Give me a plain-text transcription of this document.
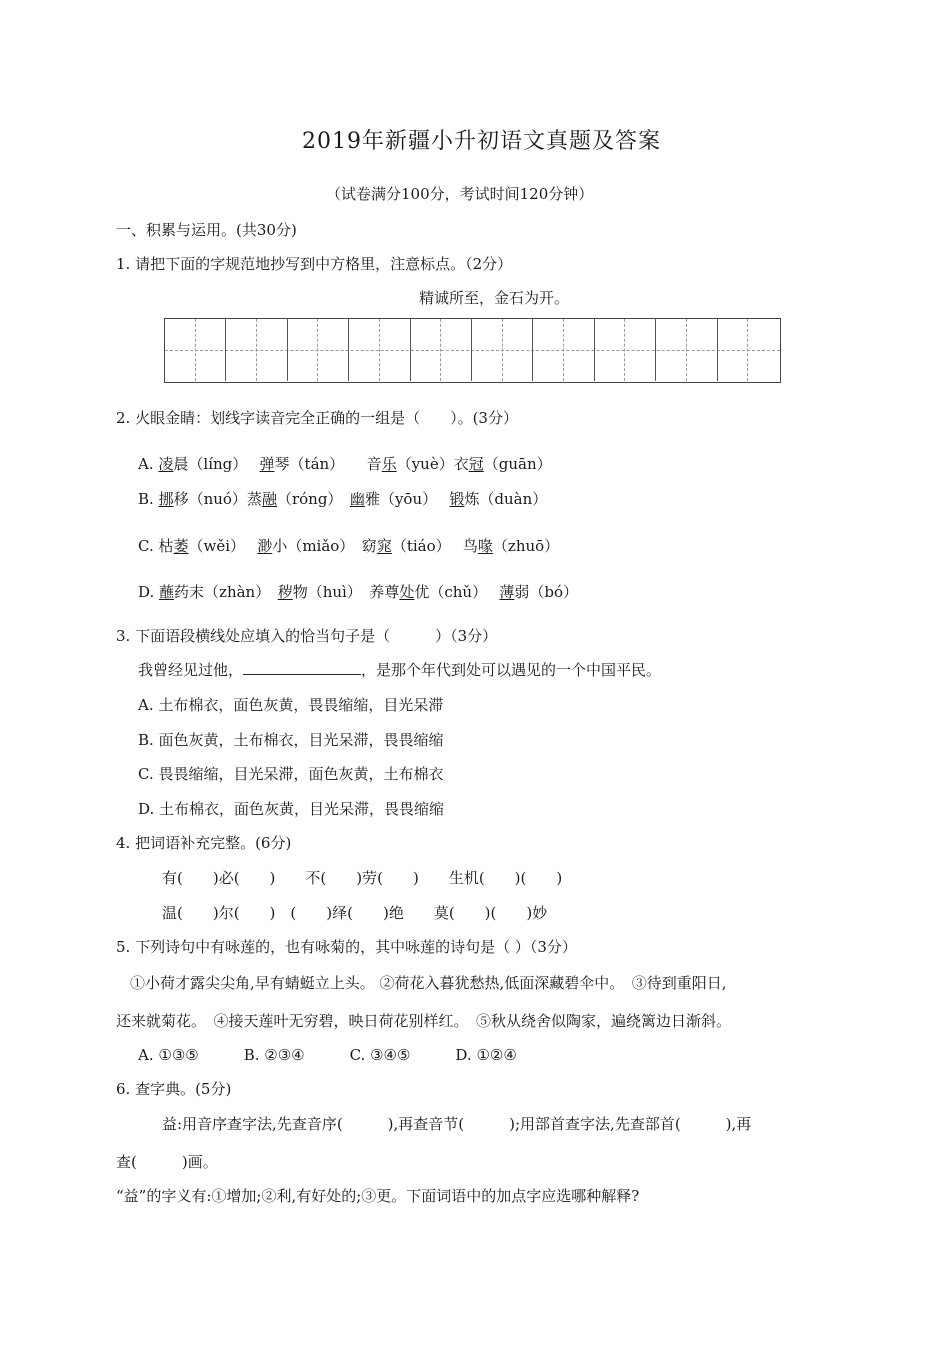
2019年新疆小升初语文真题及答案
（试卷满分100分，考试时间120分钟）
一、积累与运用。(共30分)
1. 请把下面的字规范地抄写到中方格里，注意标点。（2分）
精诚所至，金石为开。
2. 火眼金睛：划线字读音完全正确的一组是（　　）。(3分）
A. 凌晨（líng）　 弹琴（tán）　　音乐（yuè）衣冠（guān）
B. 挪移（nuó）蒸融（róng）　幽雅（yōu）　 锻炼（duàn）
C. 枯萎（wěi）　 渺小（miǎo）　窈窕（tiáo）　 鸟喙（zhuō）
D. 蘸药末（zhàn）　秽物（huì）　养尊处优（chǔ）　 薄弱（bó）
3. 下面语段横线处应填入的恰当句子是（　　　）（3分）
我曾经见过他，	，是那个年代到处可以遇见的一个中国平民。
A. 土布棉衣，面色灰黄，畏畏缩缩，目光呆滞
B. 面色灰黄，土布棉衣，目光呆滞，畏畏缩缩
C. 畏畏缩缩，目光呆滞，面色灰黄，土布棉衣
D. 土布棉衣，面色灰黄，目光呆滞，畏畏缩缩
4. 把词语补充完整。(6分)
有(　　)必(　　)　　不(　　)劳(　　)　　生机(　　)(　　)
温(　　)尔(　　)　(　　)绎(　　)绝　　莫(　　)(　　)妙
5. 下列诗句中有咏莲的，也有咏菊的，其中咏莲的诗句是（ ）（3分）
①小荷才露尖尖角,早有蜻蜓立上头。 ②荷花入暮犹愁热,低面深藏碧伞中。　③待到重阳日,
还来就菊花。　④接天莲叶无穷碧，映日荷花别样红。　⑤秋从绕舍似陶家，遍绕篱边日渐斜。
A. ①③⑤　　　B. ②③④　　　C. ③④⑤　　　D. ①②④
6. 查字典。(5分)
益:用音序查字法,先查音序(　　　),再查音节(　　　);用部首查字法,先查部首(　　　),再
查(　　　)画。
“益”的字义有:①增加;②利,有好处的;③更。下面词语中的加点字应选哪种解释?
